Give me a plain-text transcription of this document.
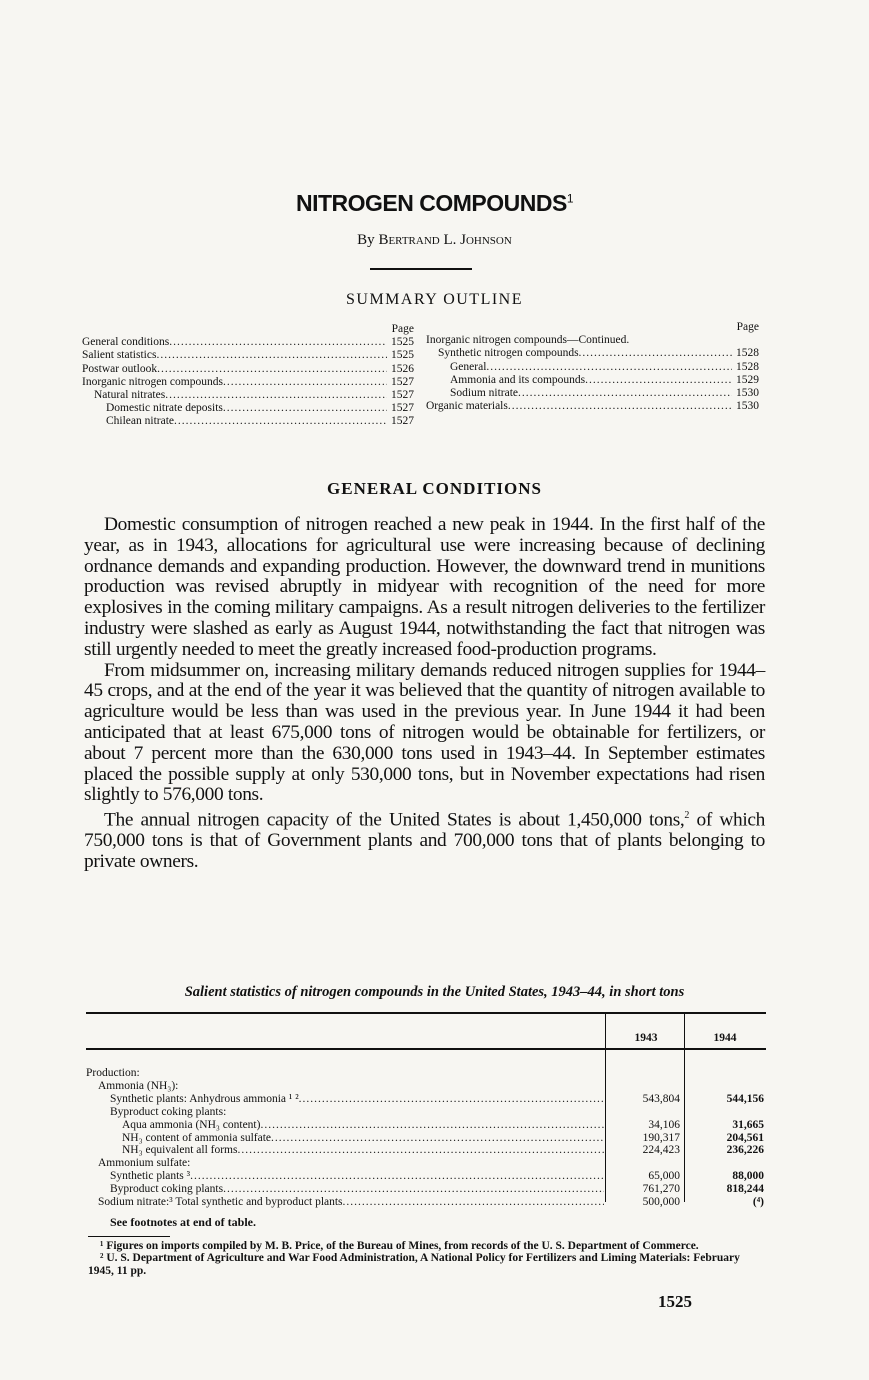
NITROGEN COMPOUNDS$^1$
By Bertrand L. Johnson
SUMMARY OUTLINE
Page
General conditions .....	1525
Salient statistics .....	1525
Postwar outlook .....	1526
Inorganic nitrogen compounds .....	1527
Natural nitrates .....	1527
Domestic nitrate deposits .....	1527
Chilean nitrate .....	1527
Page
Inorganic nitrogen compounds—Continued.
Synthetic nitrogen compounds .....	1528
General .....	1528
Ammonia and its compounds .....	1529
Sodium nitrate .....	1530
Organic materials .....	1530
GENERAL CONDITIONS

Domestic consumption of nitrogen reached a new peak in 1944. In the first half of the year, as in 1943, allocations for agricultural use were increasing because of declining ordnance demands and expanding production. However, the downward trend in munitions production was revised abruptly in midyear with recognition of the need for more explosives in the coming military campaigns. As a result nitrogen deliveries to the fertilizer industry were slashed as early as August 1944, notwithstanding the fact that nitrogen was still urgently needed to meet the greatly increased food-production programs.

From midsummer on, increasing military demands reduced nitrogen supplies for 1944–45 crops, and at the end of the year it was believed that the quantity of nitrogen available to agriculture would be less than was used in the previous year. In June 1944 it had been anticipated that at least 675,000 tons of nitrogen would be obtainable for fertilizers, or about 7 percent more than the 630,000 tons used in 1943–44. In September estimates placed the possible supply at only 530,000 tons, but in November expectations had risen slightly to 576,000 tons.

The annual nitrogen capacity of the United States is about 1,450,000 tons,$^2$ of which 750,000 tons is that of Government plants and 700,000 tons that of plants belonging to private owners.

Salient statistics of nitrogen compounds in the United States, 1943–44, in short tons
1943	1944
Production:
Ammonia (NH₃):
Synthetic plants: Anhydrous ammonia ¹ ² .....	543,804	544,156
Byproduct coking plants:
Aqua ammonia (NH₃ content) .....	34,106	31,665
NH₃ content of ammonia sulfate .....	190,317	204,561
NH₃ equivalent all forms .....	224,423	236,226
Ammonium sulfate:
Synthetic plants ³ .....	65,000	88,000
Byproduct coking plants .....	761,270	818,244
Sodium nitrate:³ Total synthetic and byproduct plants .....	500,000	(⁴)
See footnotes at end of table.

¹ Figures on imports compiled by M. B. Price, of the Bureau of Mines, from records of the U. S. Department of Commerce.

² U. S. Department of Agriculture and War Food Administration, A National Policy for Fertilizers and Liming Materials: February 1945, 11 pp.

1525
